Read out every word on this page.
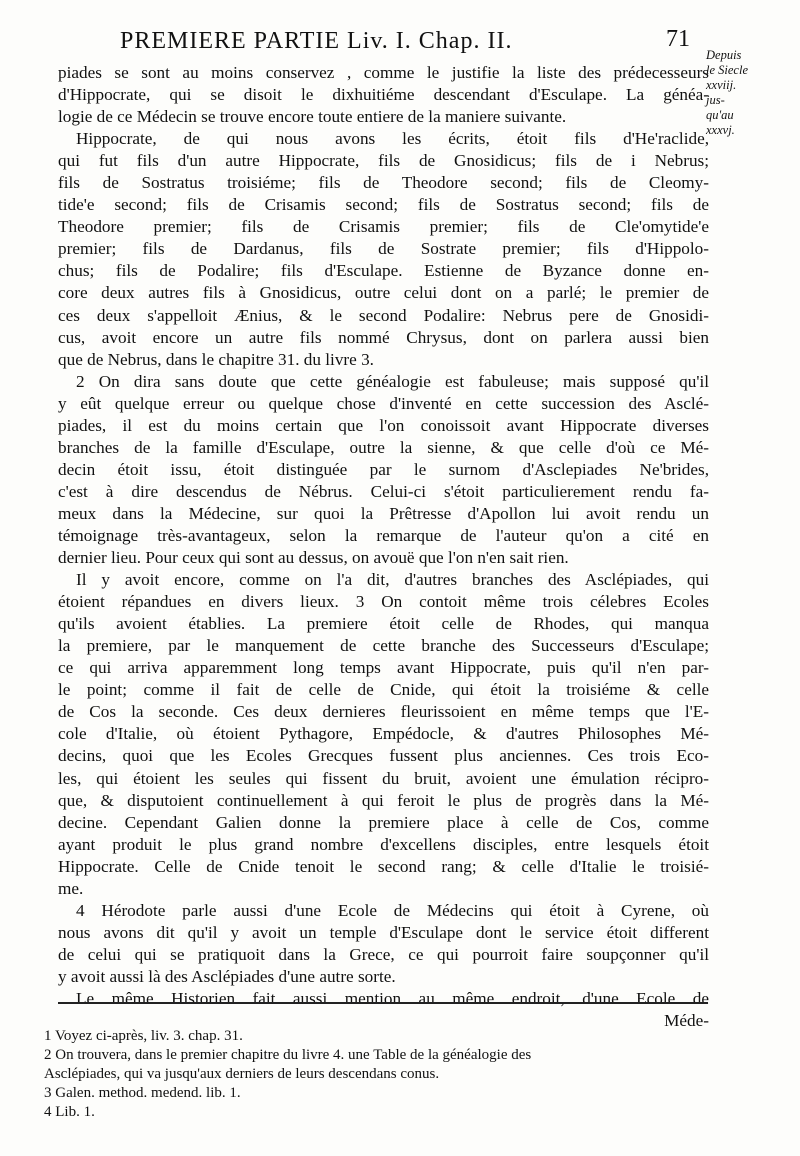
PREMIERE PARTIE Liv. I. Chap. II.	71
Depuis
le Siecle
xxviij.
jus-
qu'au
xxxvj.
piades se sont au moins conservez , comme le justifie la liste des prédecesseurs
d'Hippocrate, qui se disoit le dixhuitiéme descendant d'Esculape. La généa-
logie de ce Médecin se trouve encore toute entiere de la maniere suivante.
Hippocrate, de qui nous avons les écrits, étoit fils d'He'raclide,
qui fut fils d'un autre Hippocrate, fils de Gnosidicus; fils de i Nebrus;
fils de Sostratus troisiéme; fils de Theodore second; fils de Cleomy-
tide'e second; fils de Crisamis second; fils de Sostratus second; fils de
Theodore premier; fils de Crisamis premier; fils de Cle'omytide'e
premier; fils de Dardanus, fils de Sostrate premier; fils d'Hippolo-
chus; fils de Podalire; fils d'Esculape. Estienne de Byzance donne en-
core deux autres fils à Gnosidicus, outre celui dont on a parlé; le premier de
ces deux s'appelloit Ænius, & le second Podalire: Nebrus pere de Gnosidi-
cus, avoit encore un autre fils nommé Chrysus, dont on parlera aussi bien
que de Nebrus, dans le chapitre 31. du livre 3.
2 On dira sans doute que cette généalogie est fabuleuse; mais supposé qu'il
y eût quelque erreur ou quelque chose d'inventé en cette succession des Asclé-
piades, il est du moins certain que l'on conoissoit avant Hippocrate diverses
branches de la famille d'Esculape, outre la sienne, & que celle d'où ce Mé-
decin étoit issu, étoit distinguée par le surnom d'Asclepiades Ne'brides,
c'est à dire descendus de Nébrus. Celui-ci s'étoit particulierement rendu fa-
meux dans la Médecine, sur quoi la Prêtresse d'Apollon lui avoit rendu un
témoignage très-avantageux, selon la remarque de l'auteur qu'on a cité en
dernier lieu. Pour ceux qui sont au dessus, on avouë que l'on n'en sait rien.
Il y avoit encore, comme on l'a dit, d'autres branches des Asclépiades, qui
étoient répandues en divers lieux. 3 On contoit même trois célebres Ecoles
qu'ils avoient établies. La premiere étoit celle de Rhodes, qui manqua
la premiere, par le manquement de cette branche des Successeurs d'Esculape;
ce qui arriva apparemment long temps avant Hippocrate, puis qu'il n'en par-
le point; comme il fait de celle de Cnide, qui étoit la troisiéme & celle
de Cos la seconde. Ces deux dernieres fleurissoient en même temps que l'E-
cole d'Italie, où étoient Pythagore, Empédocle, & d'autres Philosophes Mé-
decins, quoi que les Ecoles Grecques fussent plus anciennes. Ces trois Eco-
les, qui étoient les seules qui fissent du bruit, avoient une émulation récipro-
que, & disputoient continuellement à qui feroit le plus de progrès dans la Mé-
decine. Cependant Galien donne la premiere place à celle de Cos, comme
ayant produit le plus grand nombre d'excellens disciples, entre lesquels étoit
Hippocrate. Celle de Cnide tenoit le second rang; & celle d'Italie le troisié-
me.
4 Hérodote parle aussi d'une Ecole de Médecins qui étoit à Cyrene, où
nous avons dit qu'il y avoit un temple d'Esculape dont le service étoit different
de celui qui se pratiquoit dans la Grece, ce qui pourroit faire soupçonner qu'il
y avoit aussi là des Asclépiades d'une autre sorte.
Le même Historien fait aussi mention au même endroit, d'une Ecole de
Méde-
1 Voyez ci-après, liv. 3. chap. 31.
2 On trouvera, dans le premier chapitre du livre 4. une Table de la généalogie des
Asclépiades, qui va jusqu'aux derniers de leurs descendans conus.
3 Galen. method. medend. lib. 1.
4 Lib. 1.
